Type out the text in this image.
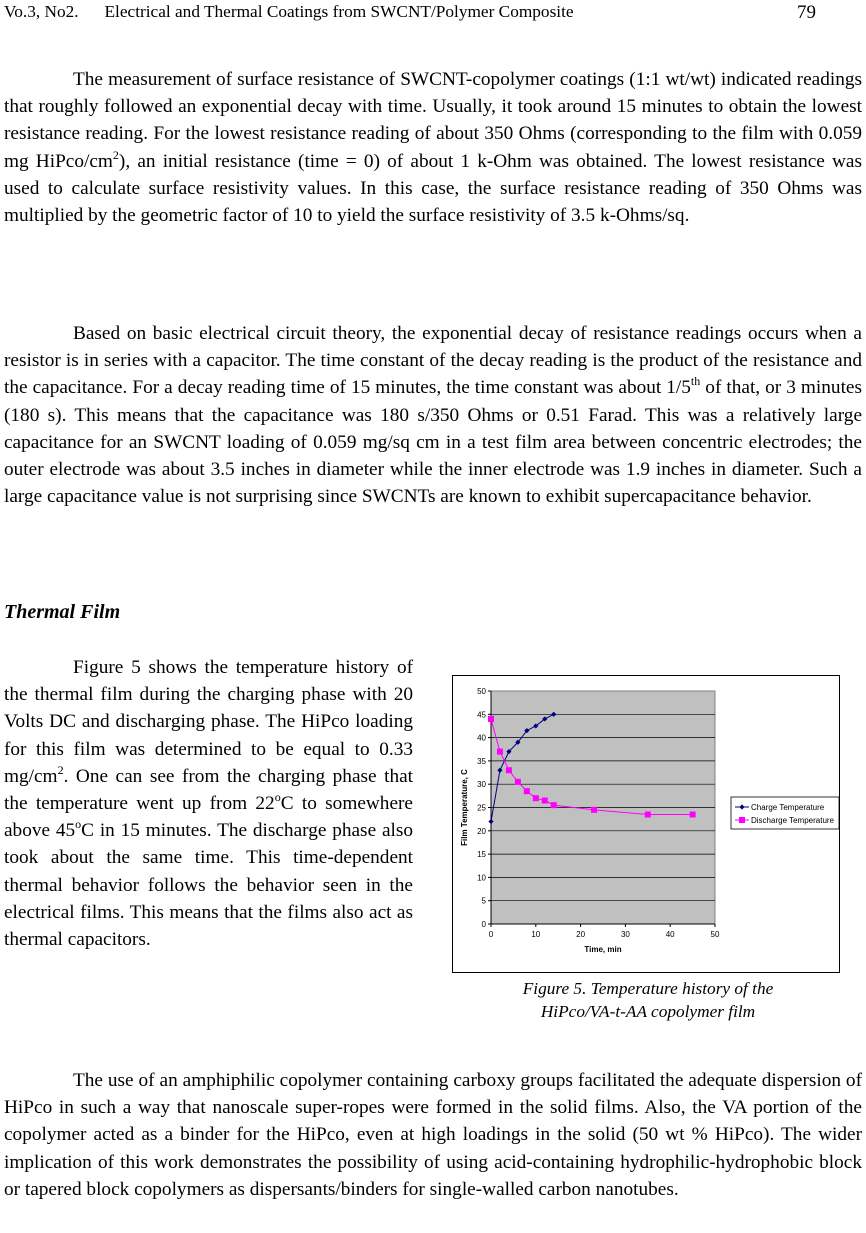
Vo.3, No2.      Electrical and Thermal Coatings from SWCNT/Polymer Composite	79

The measurement of surface resistance of SWCNT-copolymer coatings (1:1 wt/wt) indicated readings that roughly followed an exponential decay with time. Usually, it took around 15 minutes to obtain the lowest resistance reading. For the lowest resistance reading of about 350 Ohms (corresponding to the film with 0.059 mg HiPco/$cm^2$), an initial resistance (time = 0) of about 1 k-Ohm was obtained. The lowest resistance was used to calculate surface resistivity values. In this case, the surface resistance reading of 350 Ohms was multiplied by the geometric factor of 10 to yield the surface resistivity of 3.5 k-Ohms/sq.

Based on basic electrical circuit theory, the exponential decay of resistance readings occurs when a resistor is in series with a capacitor. The time constant of the decay reading is the product of the resistance and the capacitance. For a decay reading time of 15 minutes, the time constant was about 1/5th of that, or 3 minutes (180 s). This means that the capacitance was 180 s/350 Ohms or 0.51 Farad. This was a relatively large capacitance for an SWCNT loading of 0.059 mg/sq cm in a test film area between concentric electrodes; the outer electrode was about 3.5 inches in diameter while the inner electrode was 1.9 inches in diameter. Such a large capacitance value is not surprising since SWCNTs are known to exhibit supercapacitance behavior.

Thermal Film

Figure 5 shows the temperature history of the thermal film during the charging phase with 20 Volts DC and discharging phase. The HiPco loading for this film was determined to be equal to 0.33 $mg/cm^2$. One can see from the charging phase that the temperature went up from 22$^o$C to somewhere above 45$^o$C in 15 minutes. The discharge phase also took about the same time. This time-dependent thermal behavior follows the behavior seen in the electrical films. This means that the films also act as thermal capacitors.

0
5
10
15
20
25
30
35
40
45
50
0	10	20	30	40	50
Time, min
Film Temperature, C	Charge Temperature
Discharge Temperature
Figure 5. Temperature history of the
HiPco/VA-t-AA copolymer film

The use of an amphiphilic copolymer containing carboxy groups facilitated the adequate dispersion of HiPco in such a way that nanoscale super-ropes were formed in the solid films. Also, the VA portion of the copolymer acted as a binder for the HiPco, even at high loadings in the solid (50 wt % HiPco). The wider implication of this work demonstrates the possibility of using acid-containing hydrophilic-hydrophobic block or tapered block copolymers as dispersants/binders for single-walled carbon nanotubes.
